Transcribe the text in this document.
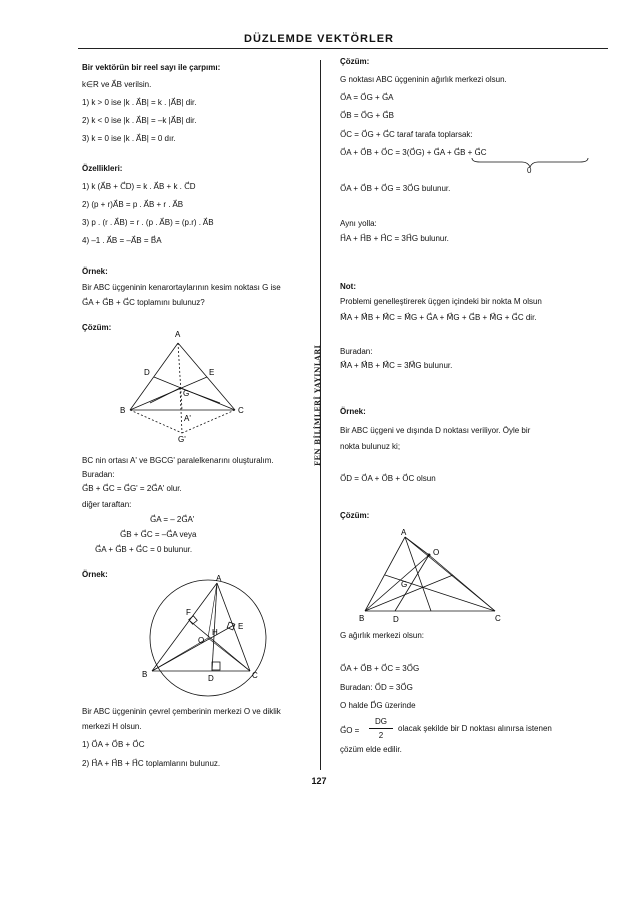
DÜZLEMDE VEKTÖRLER
FEN BİLİMLERİ YAYINLARI
Bir vektörün bir reel sayı ile çarpımı:
k∈R ve A⃗B verilsin.
1) k > 0 ise |k . A⃗B| = k . |A⃗B| dir.
2) k < 0 ise |k . A⃗B| = –k |A⃗B| dir.
3) k = 0 ise |k . A⃗B| = 0 dır.
Özellikleri:
1) k (A⃗B + C⃗D) = k . A⃗B + k . C⃗D
2) (p + r)A⃗B = p . A⃗B + r . A⃗B
3) p . (r . A⃗B) = r . (p . A⃗B) = (p.r) . A⃗B
4) –1 . A⃗B = –A⃗B = B⃗A
Örnek:
Bir ABC üçgeninin kenarortaylarının kesim noktası G ise
G⃗A + G⃗B + G⃗C toplamını bulunuz?
Çözüm:
A
B	C
D	E
G
A'
G'
BC nin ortası A' ve BGCG' paralelkenarını oluşturalım.
Buradan:
G⃗B + G⃗C = G⃗G' = 2G⃗A' olur.
diğer taraftan:
G⃗A = – 2G⃗A'
G⃗B + G⃗C = –G⃗A veya
G⃗A + G⃗B + G⃗C = 0 bulunur.
Örnek:	A
B	C
D
E
F
H
O
Bir ABC üçgeninin çevrel çemberinin merkezi O ve diklik
merkezi H olsun.
1) O⃗A + O⃗B + O⃗C
2) H⃗A + H⃗B + H⃗C toplamlarını bulunuz.
Çözüm:
G noktası ABC üçgeninin ağırlık merkezi olsun.
O⃗A = O⃗G + G⃗A
O⃗B = O⃗G + G⃗B
O⃗C = O⃗G + G⃗C taraf tarafa toplarsak:
O⃗A + O⃗B + O⃗C = 3(O⃗G) + G⃗A + G⃗B + G⃗C
0
O⃗A + O⃗B + O⃗G = 3O⃗G bulunur.
Aynı yolla:
H⃗A + H⃗B + H⃗C = 3H⃗G bulunur.
Not:
Problemi genelleştirerek üçgen içindeki bir nokta M olsun
M⃗A + M⃗B + M⃗C = M⃗G + G⃗A + M⃗G + G⃗B + M⃗G + G⃗C dir.
Buradan:
M⃗A + M⃗B + M⃗C = 3M⃗G bulunur.
Örnek:
Bir ABC üçgeni ve dışında D noktası veriliyor. Öyle bir
nokta bulunuz ki;
O⃗D = O⃗A + O⃗B + O⃗C olsun
Çözüm:
A
B	C
D
G
O
G ağırlık merkezi olsun:
O⃗A + O⃗B + O⃗C = 3O⃗G
Buradan: O⃗D = 3O⃗G
O halde D⃗G üzerinde
G⃗O =
DG
2
olacak şekilde bir D noktası alınırsa istenen
çözüm elde edilir.
127
